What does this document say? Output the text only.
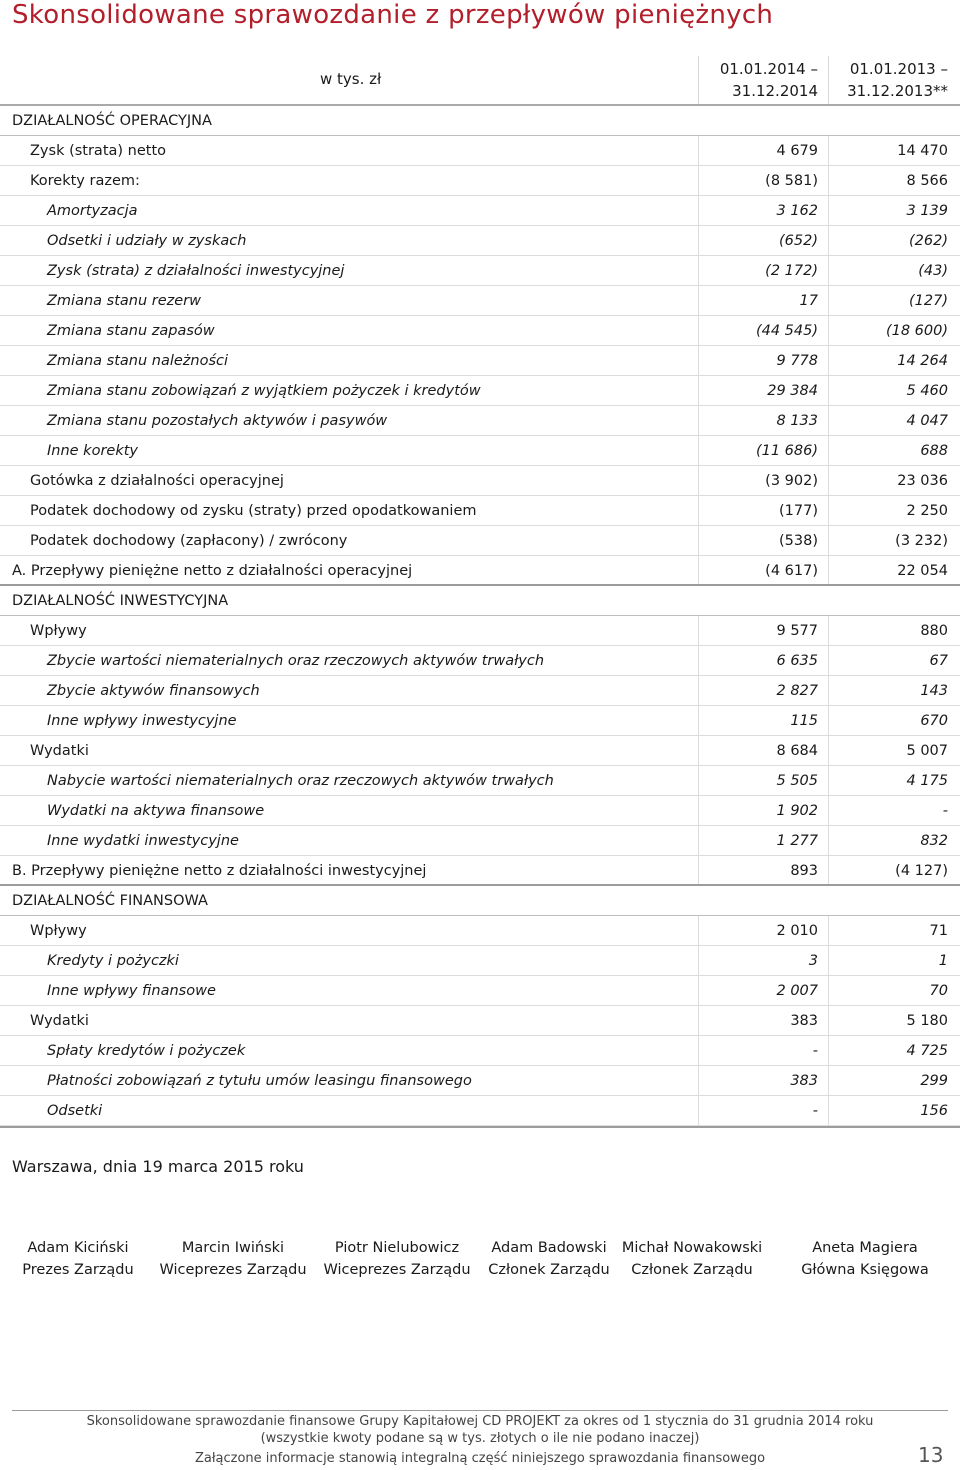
Skonsolidowane sprawozdanie z przepływów pieniężnych
w tys. zł
01.01.2014 – 31.12.2014
01.01.2013 – 31.12.2013**
DZIAŁALNOŚĆ OPERACYJNA
Zysk (strata) netto	4 679	14 470
Korekty razem:	(8 581)	8 566
Amortyzacja	3 162	3 139
Odsetki i udziały w zyskach	(652)	(262)
Zysk (strata) z działalności inwestycyjnej	(2 172)	(43)
Zmiana stanu rezerw	17	(127)
Zmiana stanu zapasów	(44 545)	(18 600)
Zmiana stanu należności	9 778	14 264
Zmiana stanu zobowiązań z wyjątkiem pożyczek i kredytów	29 384	5 460
Zmiana stanu pozostałych aktywów i pasywów	8 133	4 047
Inne korekty	(11 686)	688
Gotówka z działalności operacyjnej	(3 902)	23 036
Podatek dochodowy od zysku (straty) przed opodatkowaniem	(177)	2 250
Podatek dochodowy (zapłacony) / zwrócony	(538)	(3 232)
A. Przepływy pieniężne netto z działalności operacyjnej	(4 617)	22 054
DZIAŁALNOŚĆ INWESTYCYJNA
Wpływy	9 577	880
Zbycie wartości niematerialnych oraz rzeczowych aktywów trwałych	6 635	67
Zbycie aktywów finansowych	2 827	143
Inne wpływy inwestycyjne	115	670
Wydatki	8 684	5 007
Nabycie wartości niematerialnych oraz rzeczowych aktywów trwałych	5 505	4 175
Wydatki na aktywa finansowe	1 902	-
Inne wydatki inwestycyjne	1 277	832
B. Przepływy pieniężne netto z działalności inwestycyjnej	893	(4 127)
DZIAŁALNOŚĆ FINANSOWA
Wpływy	2 010	71
Kredyty i pożyczki	3	1
Inne wpływy finansowe	2 007	70
Wydatki	383	5 180
Spłaty kredytów i pożyczek	-	4 725
Płatności zobowiązań z tytułu umów leasingu finansowego	383	299
Odsetki	-	156
Warszawa, dnia 19 marca 2015 roku
Adam Kiciński
Prezes Zarządu
Marcin Iwiński
Wiceprezes Zarządu
Piotr Nielubowicz
Wiceprezes Zarządu
Adam Badowski
Członek Zarządu
Michał Nowakowski
Członek Zarządu
Aneta Magiera
Główna Księgowa
Skonsolidowane sprawozdanie finansowe Grupy Kapitałowej CD PROJEKT za okres od 1 stycznia do 31 grudnia 2014 roku
(wszystkie kwoty podane są w tys. złotych o ile nie podano inaczej)
Załączone informacje stanowią integralną część niniejszego sprawozdania finansowego	13
